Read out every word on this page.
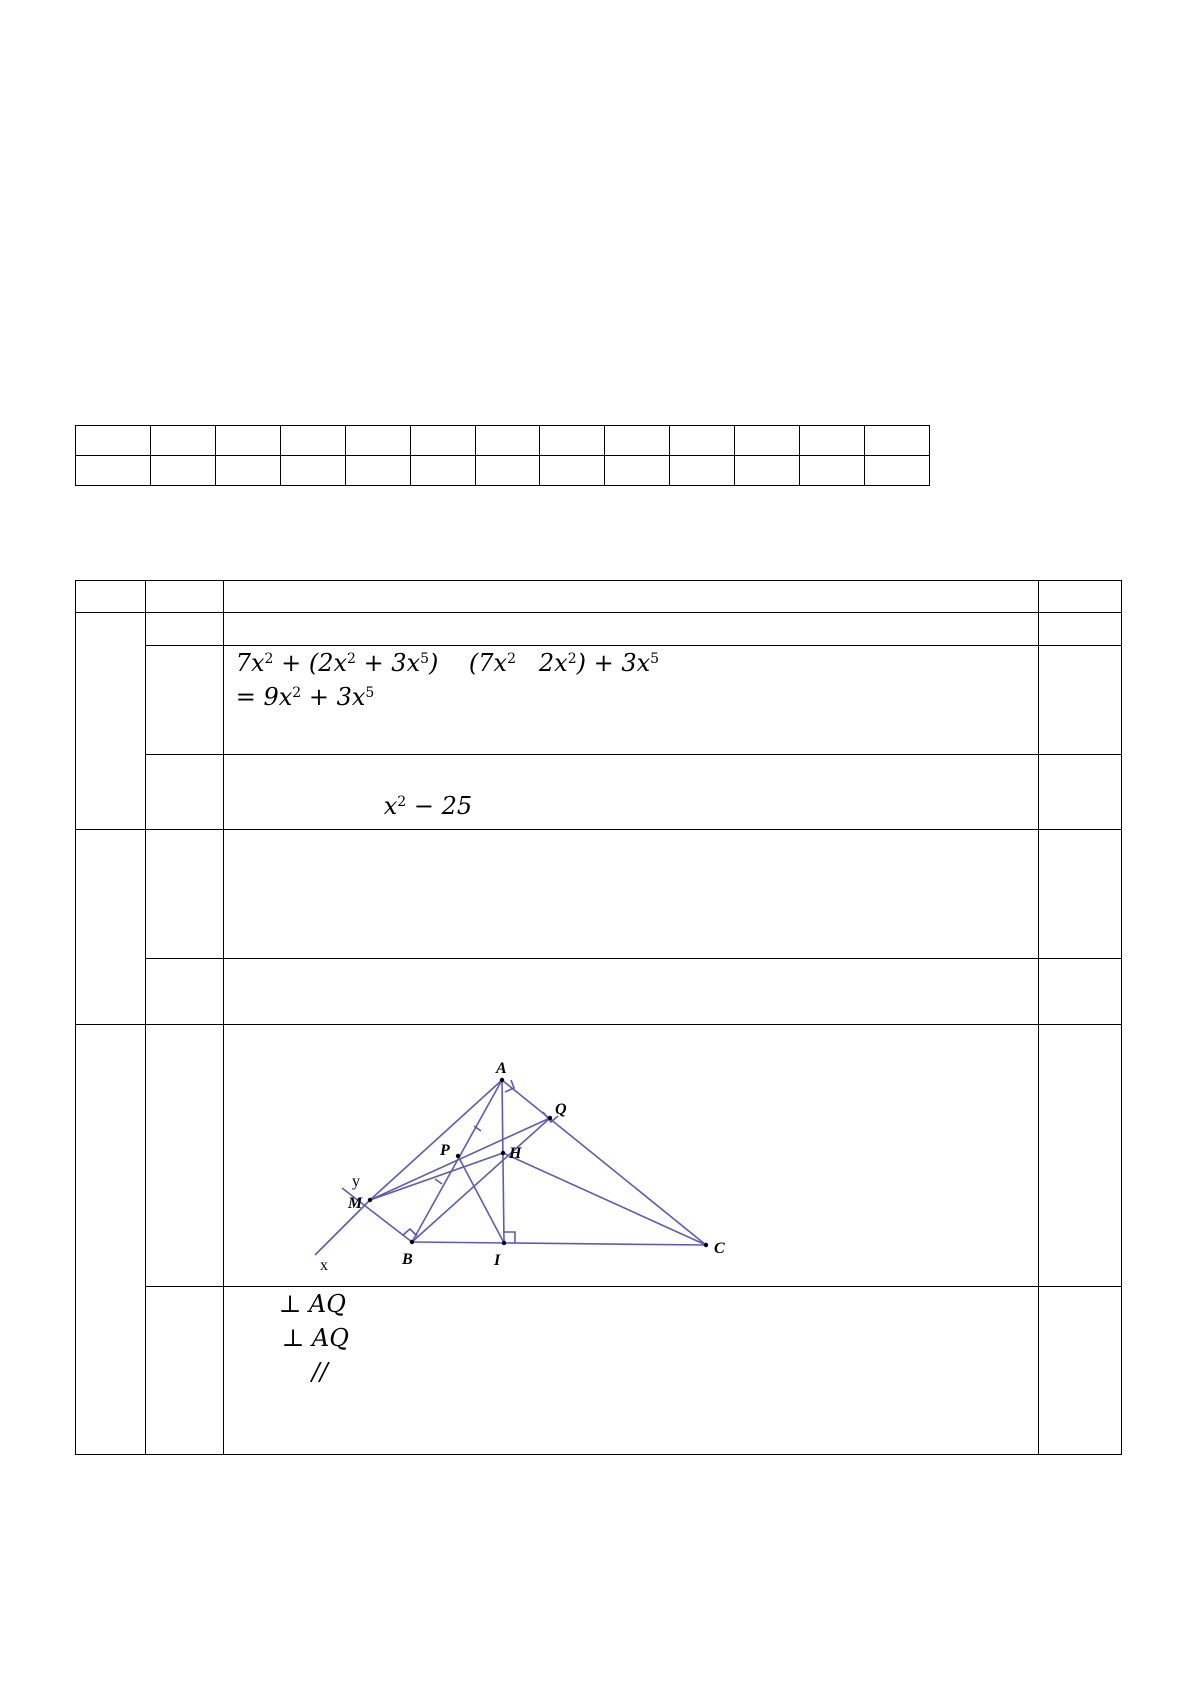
		$7x^2 + (2x^2 + 3x^5)$    ($7x^2$   $2x^2) + 3x^5$
= $9x^2 + 3x^5$

		$x^2 - 25$	

		⊥ AQ
⊥ AQ
//	

A
Q
P	H
M
y
x	B	I
C
